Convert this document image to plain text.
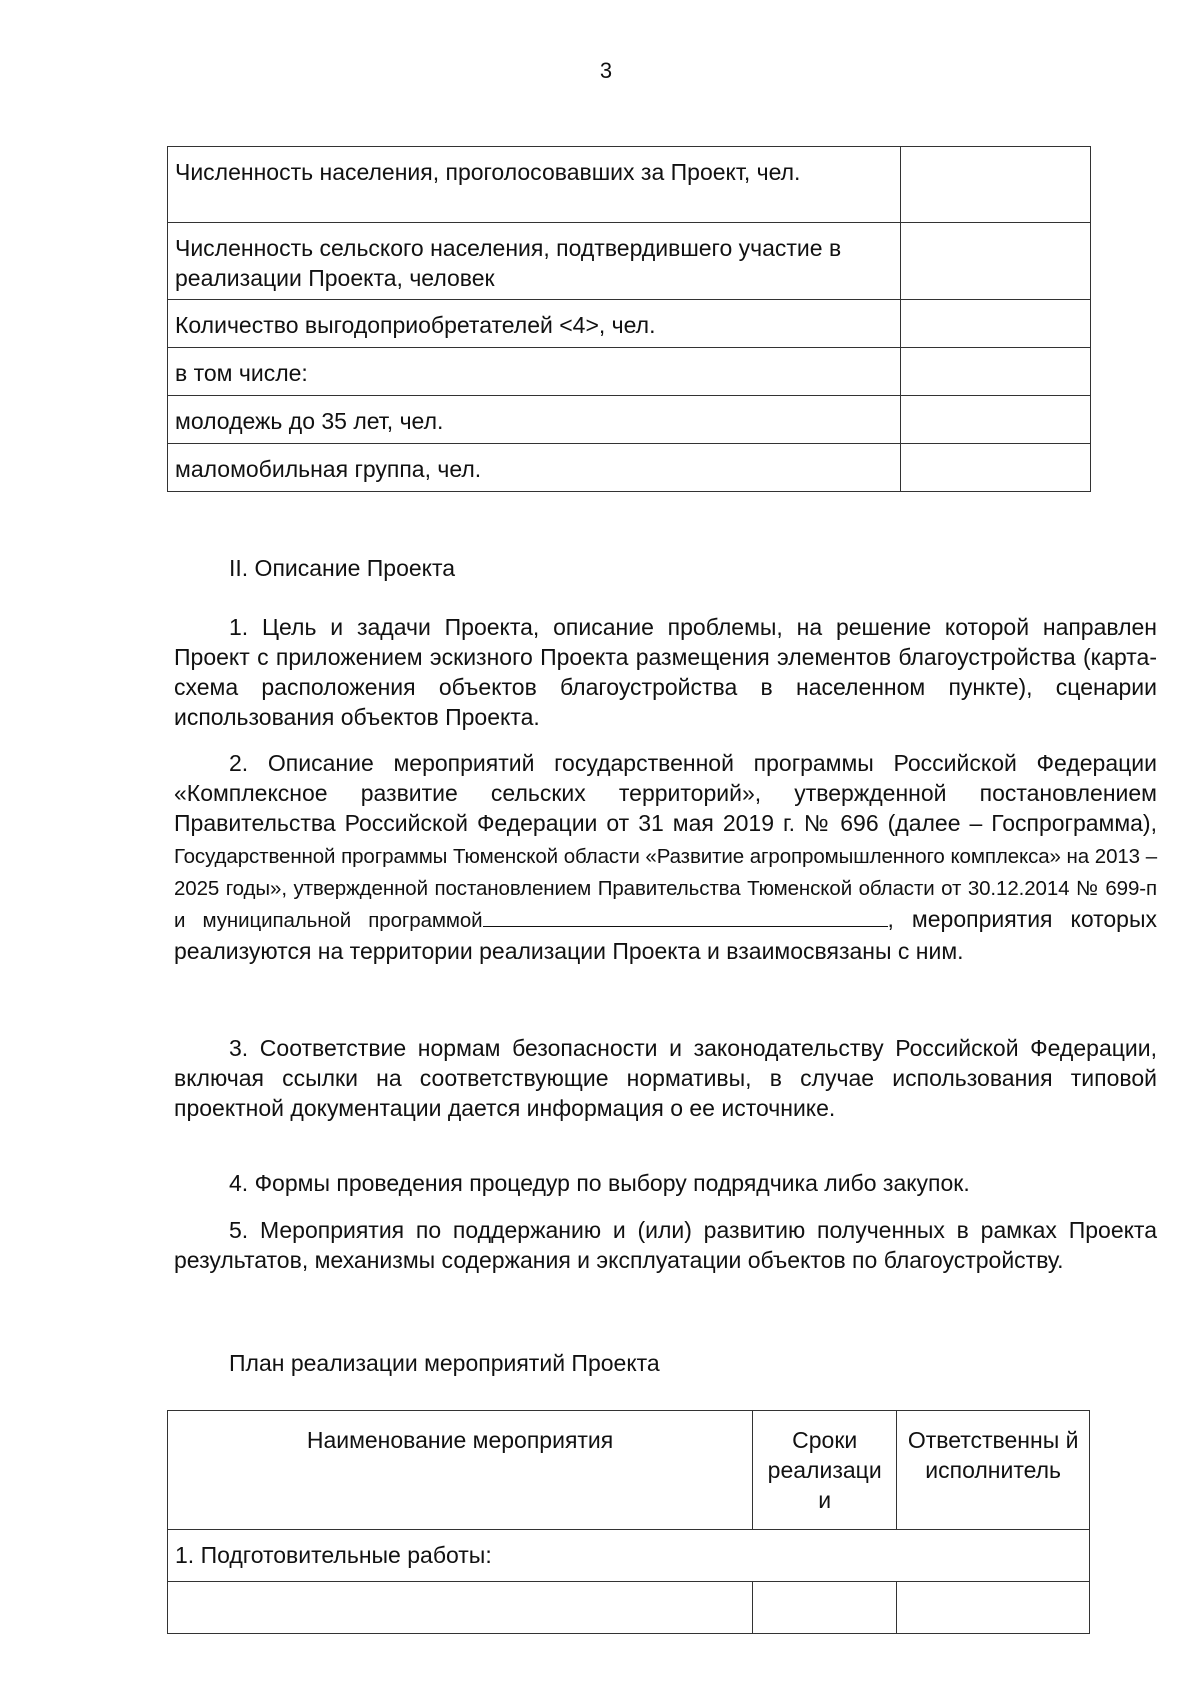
3
Численность населения, проголосовавших за Проект, чел.	
Численность сельского населения, подтвердившего участие в реализации Проекта, человек	
Количество выгодоприобретателей <4>, чел.	
в том числе:	
молодежь до 35 лет, чел.	
маломобильная группа, чел.	
II. Описание Проекта

1. Цель и задачи Проекта, описание проблемы, на решение которой направлен Проект с приложением эскизного Проекта размещения элементов благоустройства (карта-схема расположения объектов благоустройства в населенном пункте), сценарии использования объектов Проекта.

2. Описание мероприятий государственной программы Российской Федерации «Комплексное развитие сельских территорий», утвержденной постановлением Правительства Российской Федерации от 31 мая 2019 г. № 696 (далее – Госпрограмма), Государственной программы Тюменской области «Развитие агропромышленного комплекса» на 2013 – 2025 годы», утвержденной постановлением Правительства Тюменской области от 30.12.2014 № 699-п и муниципальной программой	, мероприятия которых реализуются на территории реализации Проекта и взаимосвязаны с ним.

3. Соответствие нормам безопасности и законодательству Российской Федерации, включая ссылки на соответствующие нормативы, в случае использования типовой проектной документации дается информация о ее источнике.

4. Формы проведения процедур по выбору подрядчика либо закупок.

5. Мероприятия по поддержанию и (или) развитию полученных в рамках Проекта результатов, механизмы содержания и эксплуатации объектов по благоустройству.

План реализации мероприятий Проекта
Наименование мероприятия	Сроки реализаци и	Ответственны й исполнитель
1. Подготовительные работы:		
